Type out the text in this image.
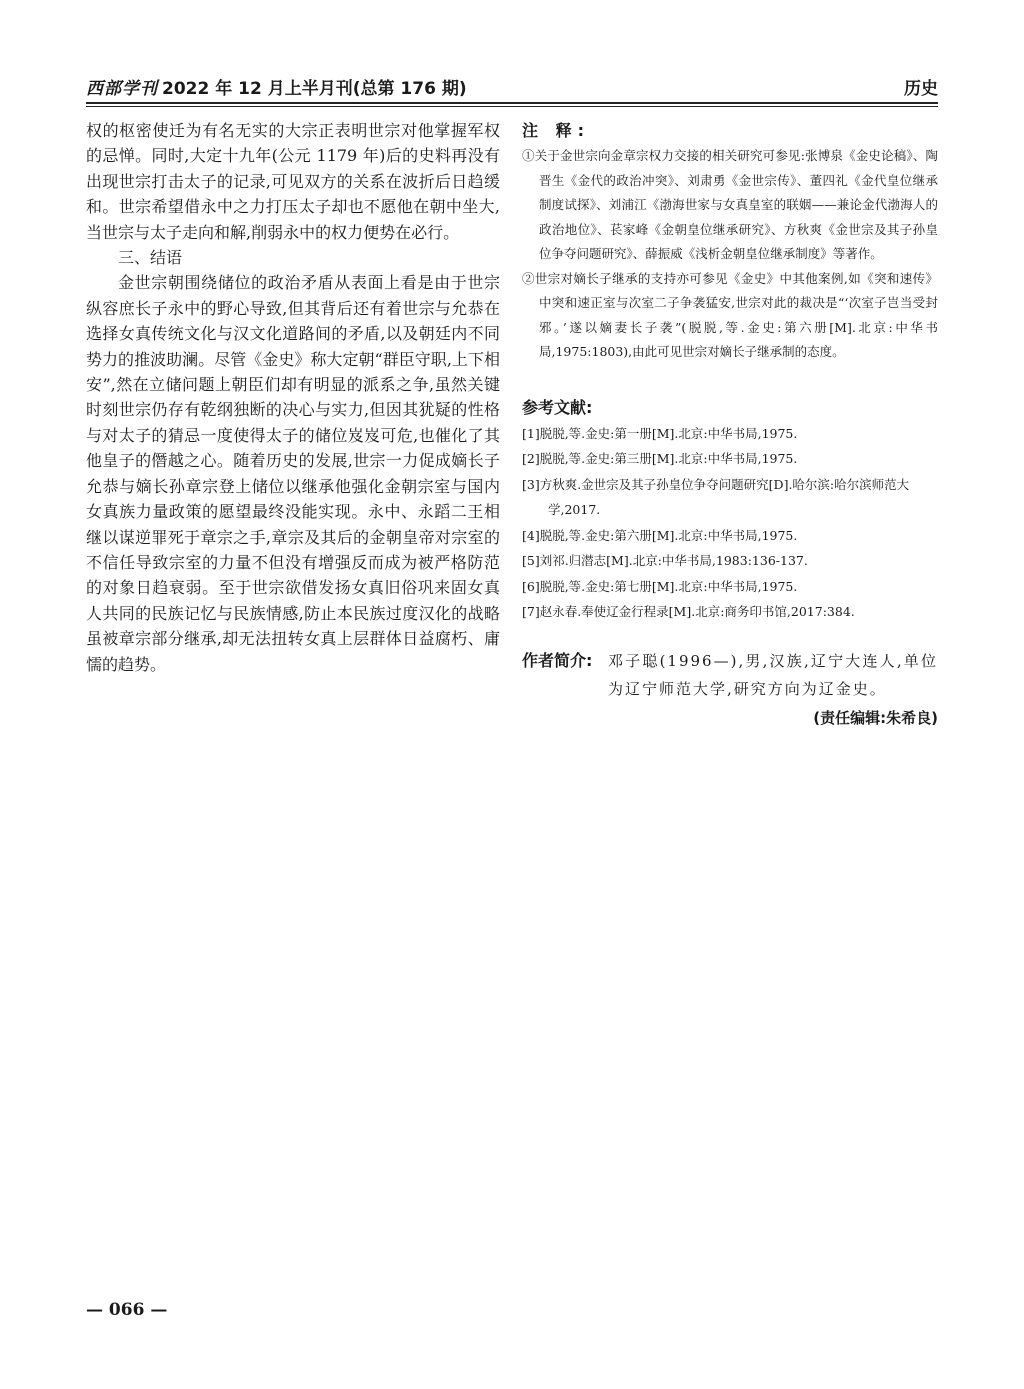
西部学刊 2022 年 12 月上半月刊(总第 176 期)	历史

权的枢密使迁为有名无实的大宗正表明世宗对他掌握军权的忌惮。同时,大定十九年(公元 1179 年)后的史料再没有出现世宗打击太子的记录,可见双方的关系在波折后日趋缓和。世宗希望借永中之力打压太子却也不愿他在朝中坐大,当世宗与太子走向和解,削弱永中的权力便势在必行。

三、结语

金世宗朝围绕储位的政治矛盾从表面上看是由于世宗纵容庶长子永中的野心导致,但其背后还有着世宗与允恭在选择女真传统文化与汉文化道路间的矛盾,以及朝廷内不同势力的推波助澜。尽管《金史》称大定朝“群臣守职,上下相安”,然在立储问题上朝臣们却有明显的派系之争,虽然关键时刻世宗仍存有乾纲独断的决心与实力,但因其犹疑的性格与对太子的猜忌一度使得太子的储位岌岌可危,也催化了其他皇子的僭越之心。随着历史的发展,世宗一力促成嫡长子允恭与嫡长孙章宗登上储位以继承他强化金朝宗室与国内女真族力量政策的愿望最终没能实现。永中、永蹈二王相继以谋逆罪死于章宗之手,章宗及其后的金朝皇帝对宗室的不信任导致宗室的力量不但没有增强反而成为被严格防范的对象日趋衰弱。至于世宗欲借发扬女真旧俗巩来固女真人共同的民族记忆与民族情感,防止本民族过度汉化的战略虽被章宗部分继承,却无法扭转女真上层群体日益腐朽、庸懦的趋势。

注 释:

①关于金世宗向金章宗权力交接的相关研究可参见:张博泉《金史论稿》、陶晋生《金代的政治冲突》、刘肃勇《金世宗传》、董四礼《金代皇位继承制度试探》、刘浦江《渤海世家与女真皇室的联姻——兼论金代渤海人的政治地位》、苌家峰《金朝皇位继承研究》、方秋爽《金世宗及其子孙皇位争夺问题研究》、薛振威《浅析金朝皇位继承制度》等著作。

②世宗对嫡长子继承的支持亦可参见《金史》中其他案例,如《突和速传》中突和速正室与次室二子争袭猛安,世宗对此的裁决是“‘次室子岂当受封邪。’遂以嫡妻长子袭”(脱脱,等.金史:第六册[M].北京:中华书局,1975:1803),由此可见世宗对嫡长子继承制的态度。

参考文献:

[1]脱脱,等.金史:第一册[M].北京:中华书局,1975.

[2]脱脱,等.金史:第三册[M].北京:中华书局,1975.

[3]方秋爽.金世宗及其子孙皇位争夺问题研究[D].哈尔滨:哈尔滨师范大学,2017.

[4]脱脱,等.金史:第六册[M].北京:中华书局,1975.

[5]刘祁.归潜志[M].北京:中华书局,1983:136-137.

[6]脱脱,等.金史:第七册[M].北京:中华书局,1975.

[7]赵永春.奉使辽金行程录[M].北京:商务印书馆,2017:384.

作者简介: 邓子聪(1996—),男,汉族,辽宁大连人,单位为辽宁师范大学,研究方向为辽金史。
(责任编辑:朱希良)
— 066 —
